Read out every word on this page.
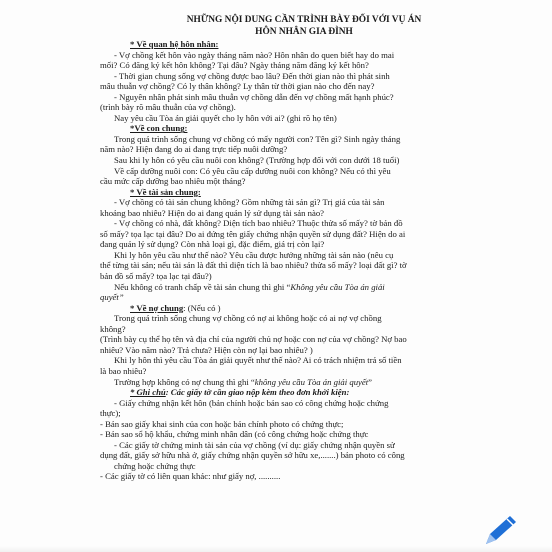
NHỮNG NỘI DUNG CẦN TRÌNH BÀY ĐỐI VỚI VỤ ÁN
HÔN NHÂN GIA ĐÌNH
* Về quan hệ hôn nhân:
- Vợ chồng kết hôn vào ngày tháng năm nào? Hôn nhân do quen biết hay do mai
mối? Có đăng ký kết hôn không? Tại đâu? Ngày tháng năm đăng ký kết hôn?
- Thời gian chung sống vợ chồng được bao lâu? Đến thời gian nào thì phát sinh
mâu thuẫn vợ chồng? Có ly thân không? Ly thân từ thời gian nào cho đến nay?
- Nguyên nhân phát sinh mâu thuẫn vợ chồng dẫn đến vợ chồng mất hạnh phúc?
(trình bày rõ mâu thuẫn của vợ chồng).
Nay yêu cầu Tòa án giải quyết cho ly hôn với ai? (ghi rõ họ tên)
*Về con chung:
Trong quá trình sống chung vợ chồng có mấy người con? Tên gì? Sinh ngày tháng
năm nào? Hiện đang do ai đang trực tiếp nuôi dưỡng?
Sau khi ly hôn có yêu cầu nuôi con không? (Trường hợp đối với con dưới 18 tuổi)
Về cấp dưỡng nuôi con: Có yêu cầu cấp dưỡng nuôi con không? Nếu có thì yêu
cầu mức cấp dưỡng bao nhiêu một tháng?
* Về tài sản chung:
- Vợ chồng có tài sản chung không? Gồm những tài sản gì? Trị giá của tài sản
khoảng bao nhiêu? Hiện do ai đang quản lý sử dụng tài sản nào?
- Vợ chồng có nhà, đất không? Diện tích bao nhiêu? Thuộc thửa số mấy? tờ bản đồ
số mấy? tọa lạc tại đâu? Do ai đứng tên giấy chứng nhận quyền sử dụng đất? Hiện do ai
đang quản lý sử dụng? Còn nhà loại gì, đặc điểm, giá trị còn lại?
Khi ly hôn yêu cầu như thế nào? Yêu cầu được hưởng những tài sản nào (nêu cụ
thể từng tài sản; nếu tài sản là đất thì diện tích là bao nhiêu? thửa số mấy? loại đất gì? tờ
bản đồ số mấy? tọa lạc tại đâu?)
Nếu không có tranh chấp về tài sản chung thì ghi “Không yêu cầu Tòa án giải
quyết”
* Về nợ chung: (Nếu có )
Trong quá trình sống chung vợ chồng có nợ ai không hoặc có ai nợ vợ chồng
không?
(Trình bày cụ thể họ tên và địa chỉ của người chủ nợ hoặc con nợ của vợ chồng? Nợ bao
nhiêu? Vào năm nào? Trả chưa? Hiện còn nợ lại bao nhiêu? )
Khi ly hôn thì yêu cầu Tòa án giải quyết như thế nào? Ai có trách nhiệm trả số tiền
là bao nhiêu?
Trường hợp không có nợ chung thì ghi “không yêu cầu Tòa án giải quyết”
* Ghi chú: Các giấy tờ cần giao nộp kèm theo đơn khởi kiện:
- Giấy chứng nhận kết hôn (bản chính hoặc bản sao có công chứng hoặc chứng
thực);
- Bản sao giấy khai sinh của con hoặc bản chính photo có chứng thực;
- Bản sao sổ hộ khẩu, chứng minh nhân dân (có công chứng hoặc chứng thực
- Các giấy tờ chứng minh tài sản của vợ chồng (ví dụ: giấy chứng nhận quyền sử
dụng đất, giấy sở hữu nhà ở, giấy chứng nhận quyền sở hữu xe,.......) bản photo có công
chứng hoặc chứng thực
- Các giấy tờ có liên quan khác: như giấy nợ, ..........
